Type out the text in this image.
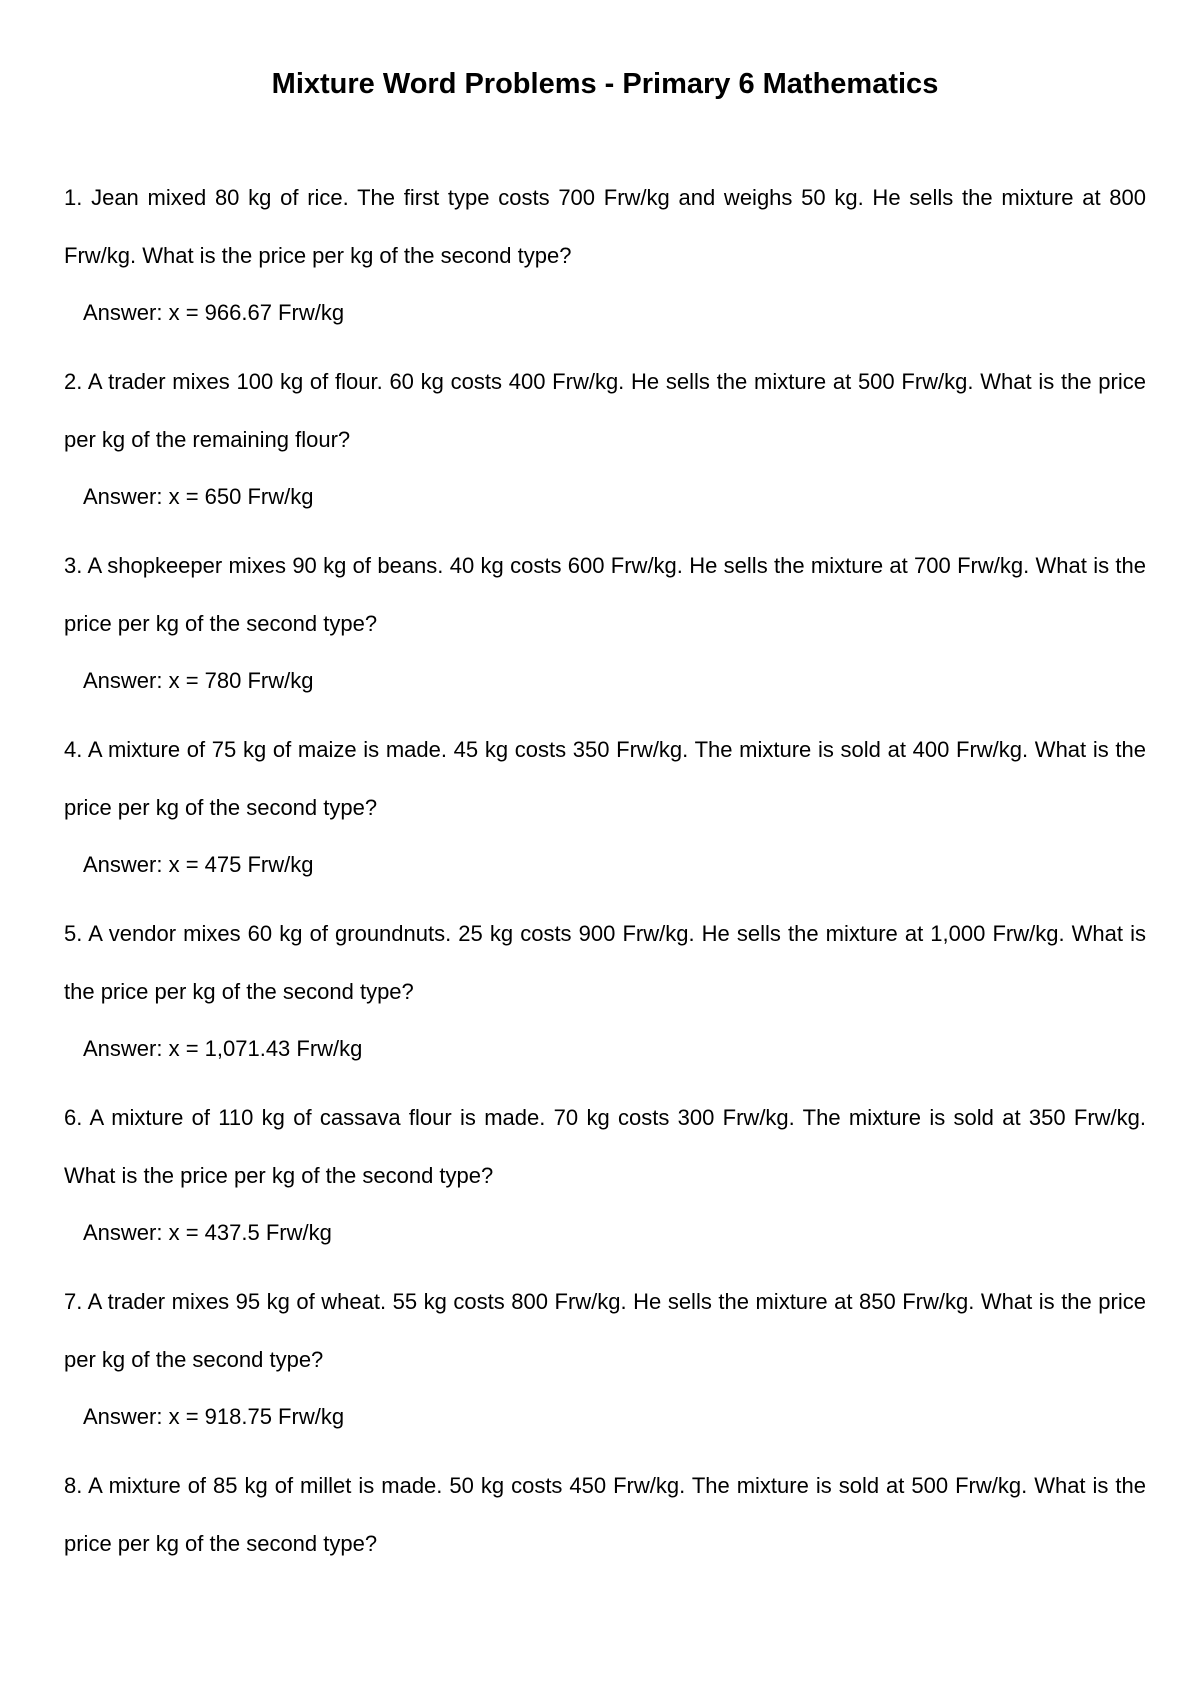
Mixture Word Problems - Primary 6 Mathematics

1. Jean mixed 80 kg of rice. The first type costs 700 Frw/kg and weighs 50 kg. He sells the mixture at 800 Frw/kg. What is the price per kg of the second type?

Answer: x = 966.67 Frw/kg

2. A trader mixes 100 kg of flour. 60 kg costs 400 Frw/kg. He sells the mixture at 500 Frw/kg. What is the price per kg of the remaining flour?

Answer: x = 650 Frw/kg

3. A shopkeeper mixes 90 kg of beans. 40 kg costs 600 Frw/kg. He sells the mixture at 700 Frw/kg. What is the price per kg of the second type?

Answer: x = 780 Frw/kg

4. A mixture of 75 kg of maize is made. 45 kg costs 350 Frw/kg. The mixture is sold at 400 Frw/kg. What is the price per kg of the second type?

Answer: x = 475 Frw/kg

5. A vendor mixes 60 kg of groundnuts. 25 kg costs 900 Frw/kg. He sells the mixture at 1,000 Frw/kg. What is the price per kg of the second type?

Answer: x = 1,071.43 Frw/kg

6. A mixture of 110 kg of cassava flour is made. 70 kg costs 300 Frw/kg. The mixture is sold at 350 Frw/kg. What is the price per kg of the second type?

Answer: x = 437.5 Frw/kg

7. A trader mixes 95 kg of wheat. 55 kg costs 800 Frw/kg. He sells the mixture at 850 Frw/kg. What is the price per kg of the second type?

Answer: x = 918.75 Frw/kg

8. A mixture of 85 kg of millet is made. 50 kg costs 450 Frw/kg. The mixture is sold at 500 Frw/kg. What is the price per kg of the second type?
